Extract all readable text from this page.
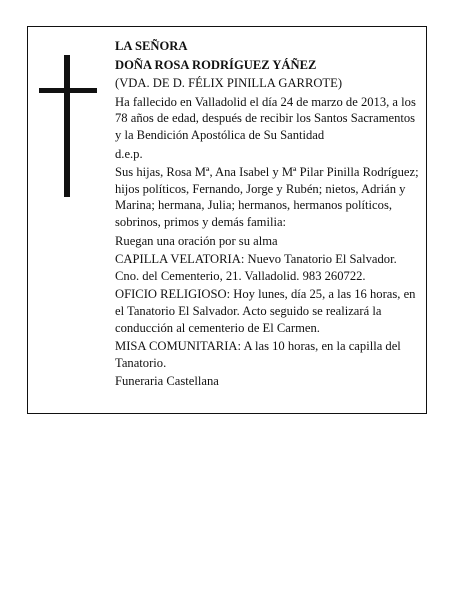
LA SEÑORA

DOÑA ROSA RODRÍGUEZ YÁÑEZ

(VDA. DE D. FÉLIX PINILLA GARROTE)

Ha fallecido en Valladolid el día 24 de marzo de 2013, a los 78 años de edad, después de recibir los Santos Sacramentos y la Bendición Apostólica de Su Santidad

d.e.p.

Sus hijas, Rosa Mª, Ana Isabel y Mª Pilar Pinilla Rodríguez; hijos políticos, Fernando, Jorge y Rubén; nietos, Adrián y Marina; hermana, Julia; hermanos, hermanos políticos, sobrinos, primos y demás familia:

Ruegan una oración por su alma

CAPILLA VELATORIA: Nuevo Tanatorio El Salvador. Cno. del Cementerio, 21. Valladolid. 983 260722.

OFICIO RELIGIOSO: Hoy lunes, día 25, a las 16 horas, en el Tanatorio El Salvador. Acto seguido se realizará la conducción al cementerio de El Carmen.

MISA COMUNITARIA: A las 10 horas, en la capilla del Tanatorio.

Funeraria Castellana
